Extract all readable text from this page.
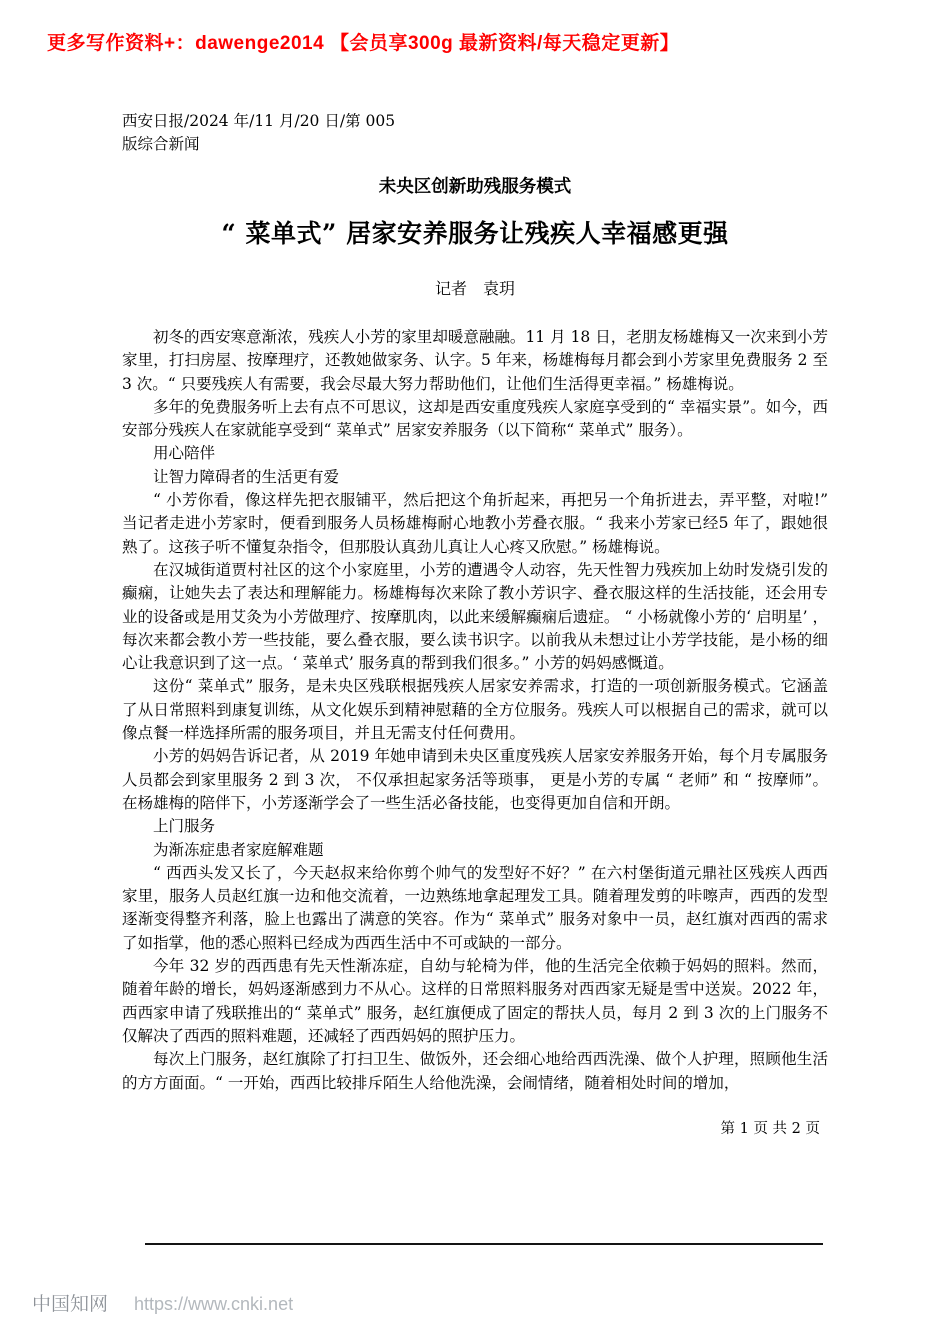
更多写作资料+：dawenge2014 【会员享300g 最新资料/每天稳定更新】
西安日报/2024 年/11 月/20 日/第 005
版综合新闻
未央区创新助残服务模式
“ 菜单式” 居家安养服务让残疾人幸福感更强
记者　袁玥

初冬的西安寒意渐浓，残疾人小芳的家里却暖意融融。11 月 18 日，老朋友杨雄梅又一次来到小芳家里，打扫房屋、按摩理疗，还教她做家务、认字。5 年来，杨雄梅每月都会到小芳家里免费服务 2 至 3 次。“ 只要残疾人有需要，我会尽最大努力帮助他们，让他们生活得更幸福。” 杨雄梅说。

多年的免费服务听上去有点不可思议，这却是西安重度残疾人家庭享受到的“ 幸福实景”。如今，西安部分残疾人在家就能享受到“ 菜单式” 居家安养服务（以下简称“ 菜单式” 服务）。

用心陪伴

让智力障碍者的生活更有爱

“ 小芳你看，像这样先把衣服铺平，然后把这个角折起来，再把另一个角折进去，弄平整，对啦!” 当记者走进小芳家时，便看到服务人员杨雄梅耐心地教小芳叠衣服。“ 我来小芳家已经5 年了，跟她很熟了。这孩子听不懂复杂指令，但那股认真劲儿真让人心疼又欣慰。” 杨雄梅说。

在汉城街道贾村社区的这个小家庭里，小芳的遭遇令人动容，先天性智力残疾加上幼时发烧引发的癫痫，让她失去了表达和理解能力。杨雄梅每次来除了教小芳识字、叠衣服这样的生活技能，还会用专业的设备或是用艾灸为小芳做理疗、按摩肌肉，以此来缓解癫痫后遗症。 “ 小杨就像小芳的‘ 启明星’ ，每次来都会教小芳一些技能，要么叠衣服，要么读书识字。以前我从未想过让小芳学技能，是小杨的细心让我意识到了这一点。‘ 菜单式’ 服务真的帮到我们很多。” 小芳的妈妈感慨道。

这份“ 菜单式” 服务，是未央区残联根据残疾人居家安养需求，打造的一项创新服务模式。它涵盖了从日常照料到康复训练，从文化娱乐到精神慰藉的全方位服务。残疾人可以根据自己的需求，就可以像点餐一样选择所需的服务项目，并且无需支付任何费用。

小芳的妈妈告诉记者，从 2019 年她申请到未央区重度残疾人居家安养服务开始，每个月专属服务人员都会到家里服务 2 到 3 次， 不仅承担起家务活等琐事， 更是小芳的专属 “ 老师” 和 “ 按摩师”。在杨雄梅的陪伴下，小芳逐渐学会了一些生活必备技能，也变得更加自信和开朗。

上门服务

为渐冻症患者家庭解难题

“ 西西头发又长了，今天赵叔来给你剪个帅气的发型好不好？” 在六村堡街道元鼎社区残疾人西西家里，服务人员赵红旗一边和他交流着，一边熟练地拿起理发工具。随着理发剪的咔嚓声，西西的发型逐渐变得整齐利落，脸上也露出了满意的笑容。作为“ 菜单式” 服务对象中一员，赵红旗对西西的需求了如指掌，他的悉心照料已经成为西西生活中不可或缺的一部分。

今年 32 岁的西西患有先天性渐冻症，自幼与轮椅为伴，他的生活完全依赖于妈妈的照料。然而，随着年龄的增长，妈妈逐渐感到力不从心。这样的日常照料服务对西西家无疑是雪中送炭。2022 年，西西家申请了残联推出的“ 菜单式” 服务，赵红旗便成了固定的帮扶人员，每月 2 到 3 次的上门服务不仅解决了西西的照料难题，还减轻了西西妈妈的照护压力。

每次上门服务，赵红旗除了打扫卫生、做饭外，还会细心地给西西洗澡、做个人护理，照顾他生活的方方面面。“ 一开始，西西比较排斥陌生人给他洗澡，会闹情绪，随着相处时间的增加，

第 1 页 共 2 页
中国知网 https://www.cnki.net
